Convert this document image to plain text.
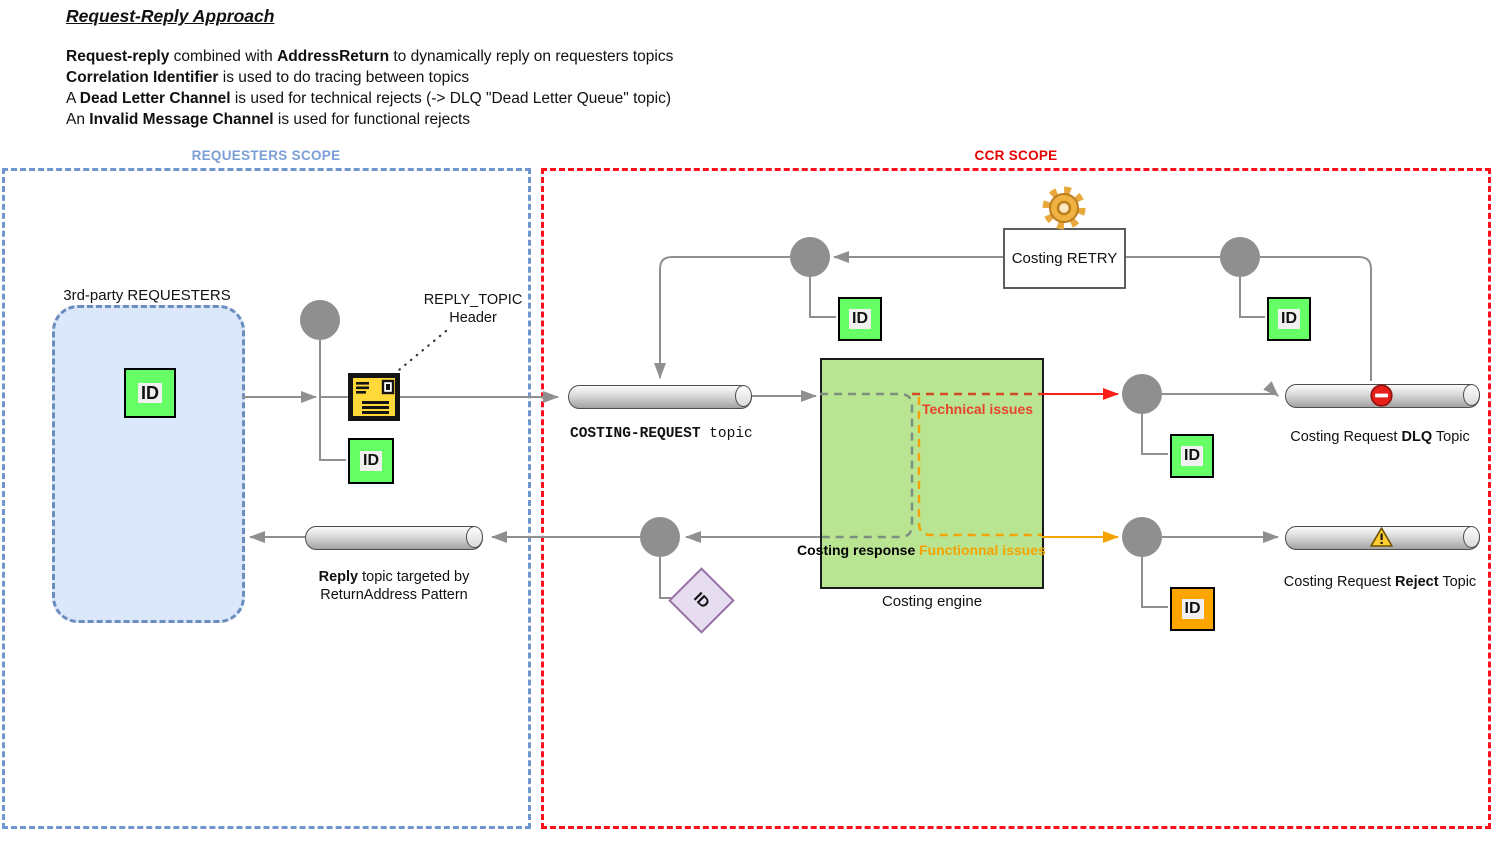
Request-Reply Approach
Request-reply combined with AddressReturn to dynamically reply on requesters topics
Correlation Identifier is used to do tracing between topics
A Dead Letter Channel is used for technical rejects (-> DLQ "Dead Letter Queue" topic)
An Invalid Message Channel is used for functional rejects
REQUESTERS SCOPE	CCR SCOPE
3rd-party REQUESTERS
Costing engine
ID
ID
ID	ID
ID
ID
ID
Costing RETRY
REPLY_TOPIC
Header
COSTING-REQUEST topic
Technical issues
Functionnal issues
Costing response
Costing Request DLQ Topic
Costing Request Reject Topic
Reply topic targeted by
ReturnAddress Pattern
